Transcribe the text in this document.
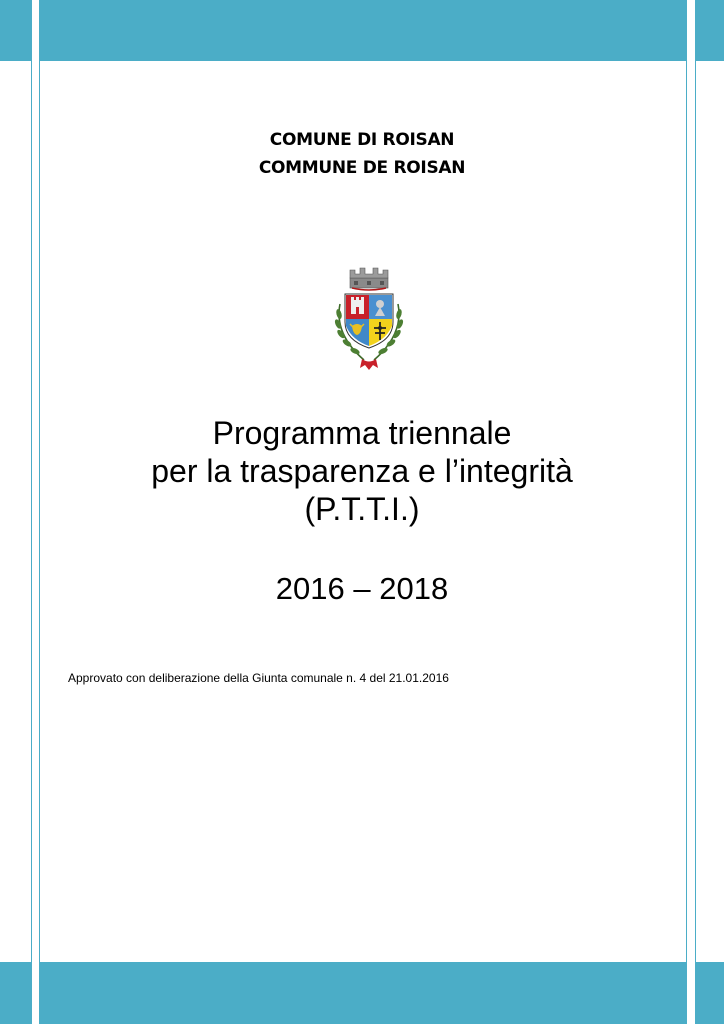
COMUNE DI ROISAN
COMMUNE DE ROISAN
Programma triennale
per la trasparenza e l’integrità
(P.T.T.I.)
2016 – 2018
Approvato con deliberazione della Giunta comunale n. 4 del 21.01.2016
